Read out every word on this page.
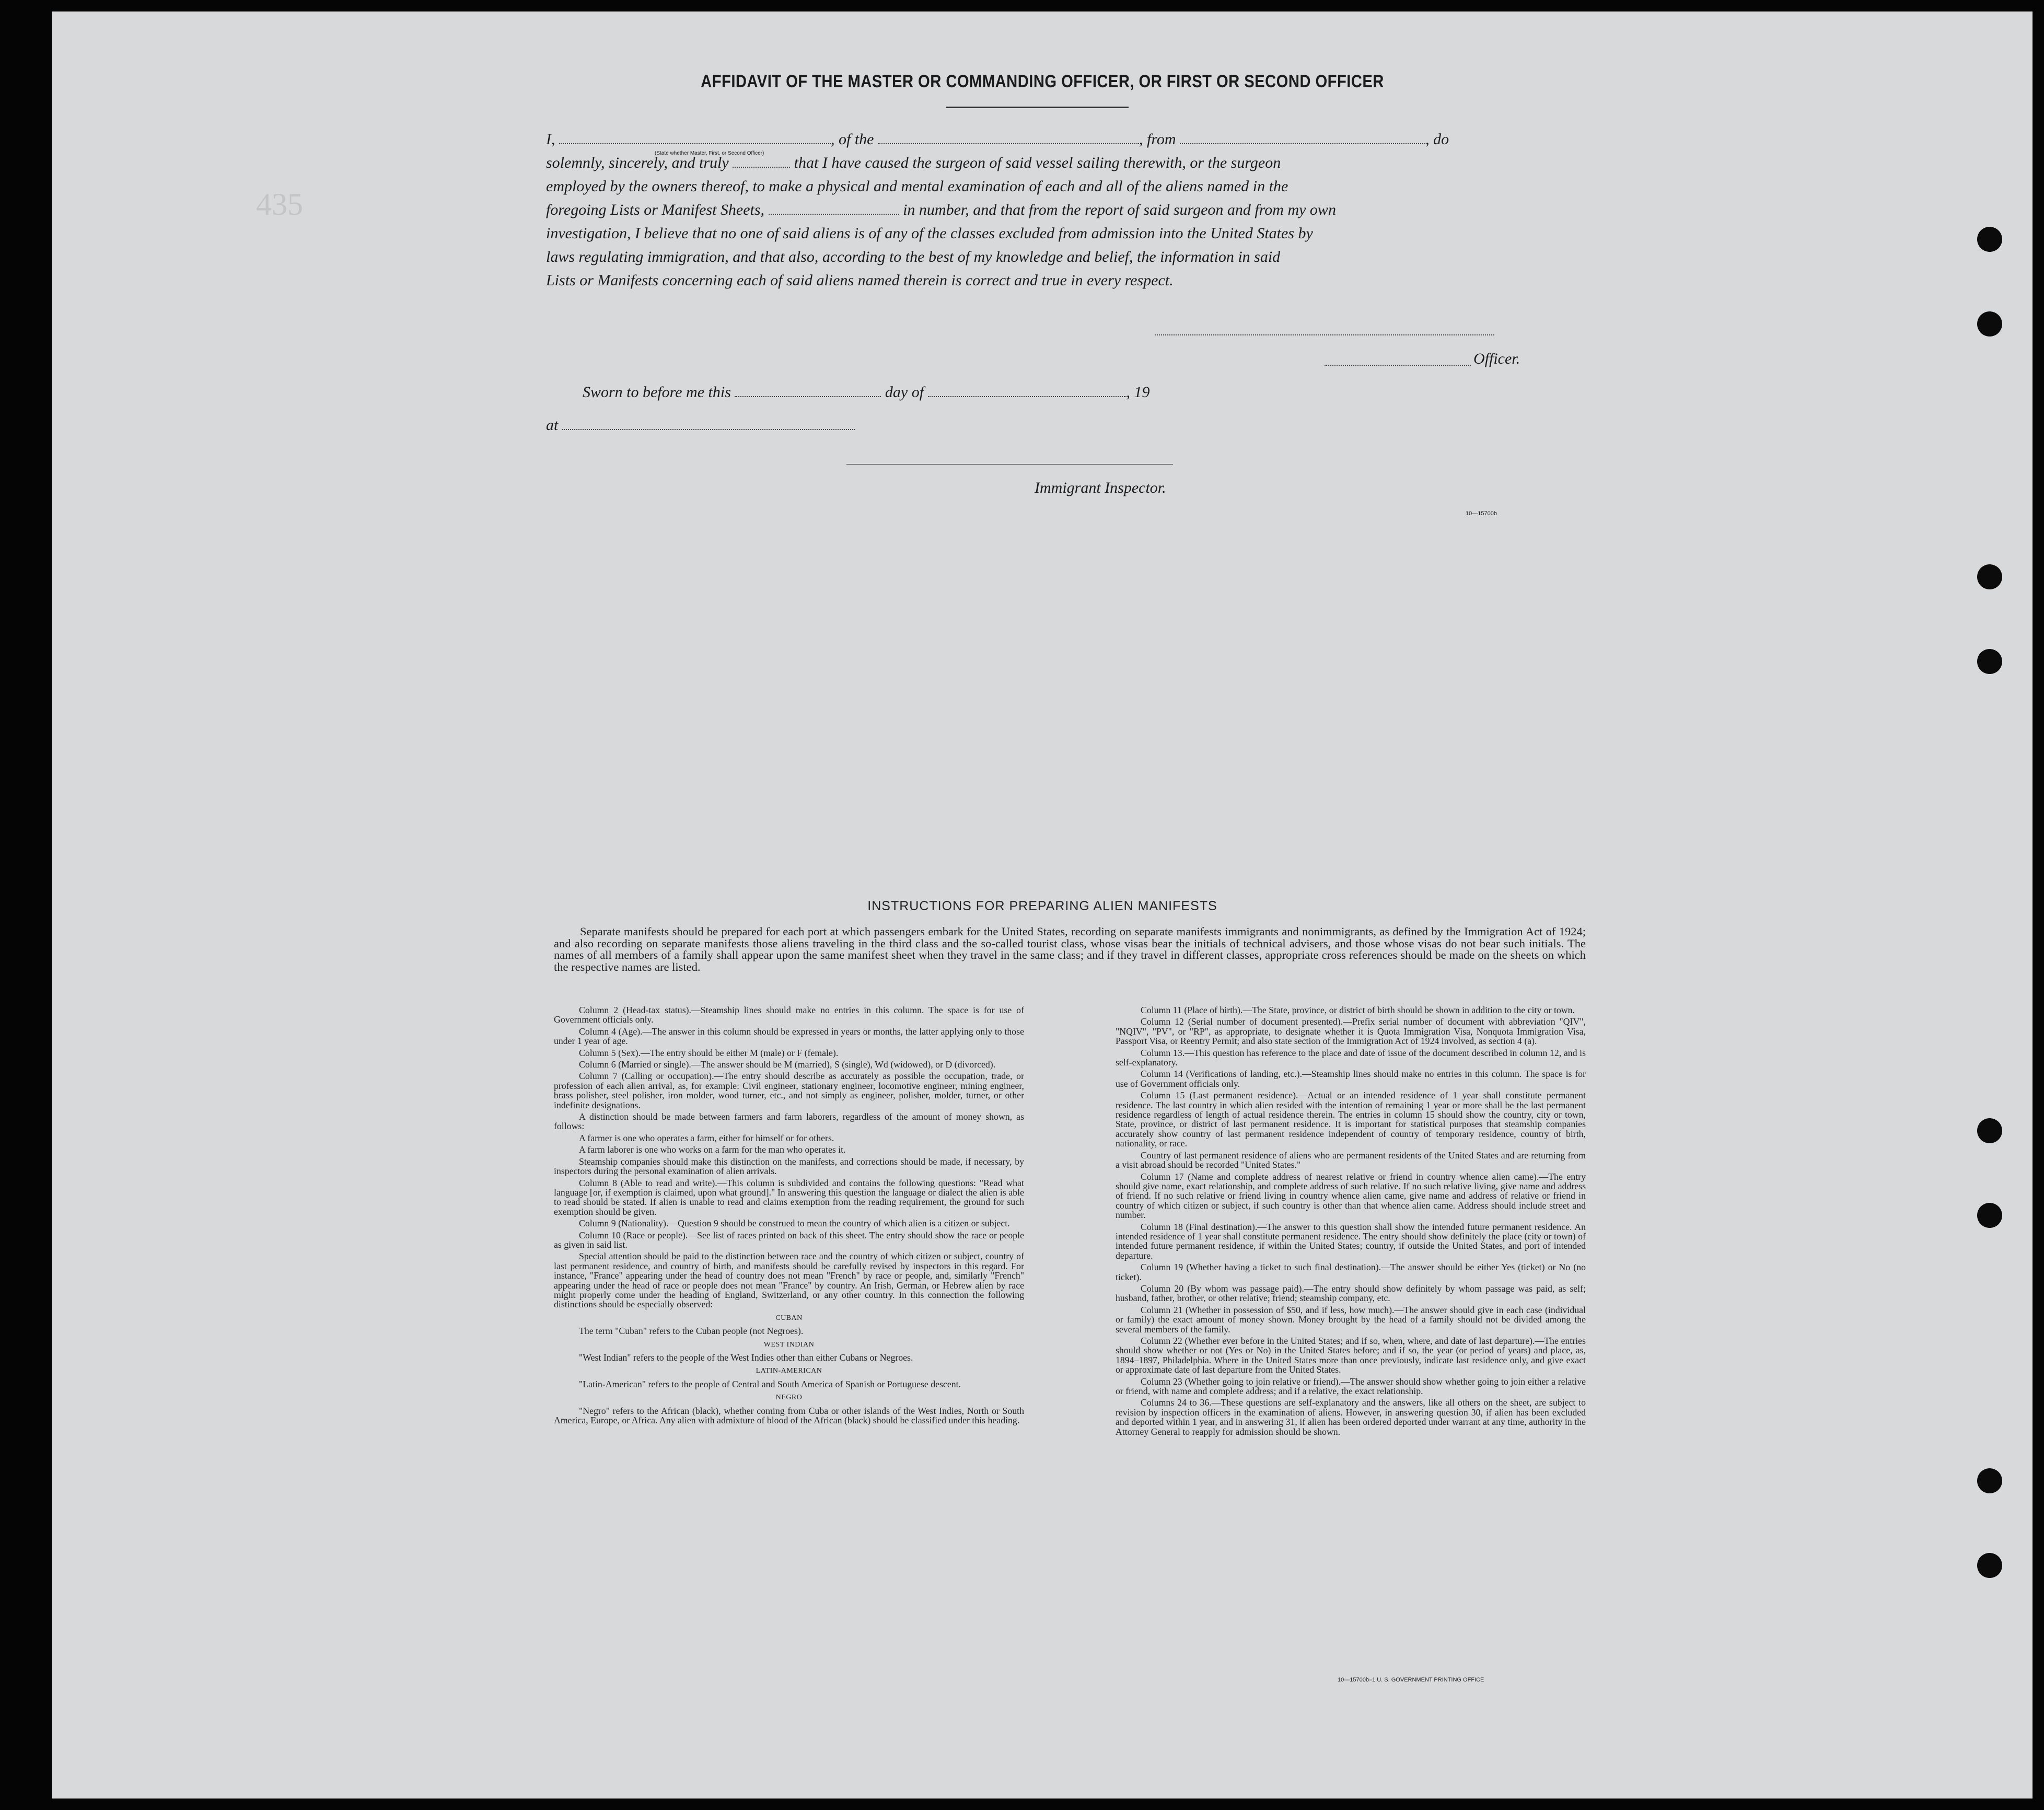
435
AFFIDAVIT OF THE MASTER OR COMMANDING OFFICER, OR FIRST OR SECOND OFFICER
I,	, of the	, from	, do
solemnly, sincerely, and truly	that I have caused the surgeon of said vessel sailing therewith, or the surgeon
employed by the owners thereof, to make a physical and mental examination of each and all of the aliens named in the
foregoing Lists or Manifest Sheets,	in number, and that from the report of said surgeon and from my own
investigation, I believe that no one of said aliens is of any of the classes excluded from admission into the United States by
laws regulating immigration, and that also, according to the best of my knowledge and belief, the information in said
Lists or Manifests concerning each of said aliens named therein is correct and true in every respect.
(State whether Master, First, or Second Officer)
Officer.
Sworn to before me this	day of	, 19
at
Immigrant Inspector.
10—15700b
INSTRUCTIONS FOR PREPARING ALIEN MANIFESTS
Separate manifests should be prepared for each port at which passengers embark for the United States, recording on separate manifests immigrants and nonimmigrants, as defined by the Immigration Act of 1924; and also recording on separate manifests those aliens traveling in the third class and the so-called tourist class, whose visas bear the initials of technical advisers, and those whose visas do not bear such initials. The names of all members of a family shall appear upon the same manifest sheet when they travel in the same class; and if they travel in different classes, appropriate cross references should be made on the sheets on which the respective names are listed.

Column 2 (Head-tax status).—Steamship lines should make no entries in this column. The space is for use of Government officials only.

Column 4 (Age).—The answer in this column should be expressed in years or months, the latter applying only to those under 1 year of age.

Column 5 (Sex).—The entry should be either M (male) or F (female).

Column 6 (Married or single).—The answer should be M (married), S (single), Wd (widowed), or D (divorced).

Column 7 (Calling or occupation).—The entry should describe as accurately as possible the occupation, trade, or profession of each alien arrival, as, for example: Civil engineer, stationary engineer, locomotive engineer, mining engineer, brass polisher, steel polisher, iron molder, wood turner, etc., and not simply as engineer, polisher, molder, turner, or other indefinite designations.

A distinction should be made between farmers and farm laborers, regardless of the amount of money shown, as follows:

A farmer is one who operates a farm, either for himself or for others.

A farm laborer is one who works on a farm for the man who operates it.

Steamship companies should make this distinction on the manifests, and corrections should be made, if necessary, by inspectors during the personal examination of alien arrivals.

Column 8 (Able to read and write).—This column is subdivided and contains the following questions: "Read what language [or, if exemption is claimed, upon what ground]." In answering this question the language or dialect the alien is able to read should be stated. If alien is unable to read and claims exemption from the reading requirement, the ground for such exemption should be given.

Column 9 (Nationality).—Question 9 should be construed to mean the country of which alien is a citizen or subject.

Column 10 (Race or people).—See list of races printed on back of this sheet. The entry should show the race or people as given in said list.

Special attention should be paid to the distinction between race and the country of which citizen or subject, country of last permanent residence, and country of birth, and manifests should be carefully revised by inspectors in this regard. For instance, "France" appearing under the head of country does not mean "French" by race or people, and, similarly "French" appearing under the head of race or people does not mean "France" by country. An Irish, German, or Hebrew alien by race might properly come under the heading of England, Switzerland, or any other country. In this connection the following distinctions should be especially observed:

CUBAN

The term "Cuban" refers to the Cuban people (not Negroes).

WEST INDIAN

"West Indian" refers to the people of the West Indies other than either Cubans or Negroes.

LATIN-AMERICAN

"Latin-American" refers to the people of Central and South America of Spanish or Portuguese descent.

NEGRO

"Negro" refers to the African (black), whether coming from Cuba or other islands of the West Indies, North or South America, Europe, or Africa. Any alien with admixture of blood of the African (black) should be classified under this heading.

Column 11 (Place of birth).—The State, province, or district of birth should be shown in addition to the city or town.

Column 12 (Serial number of document presented).—Prefix serial number of document with abbreviation "QIV", "NQIV", "PV", or "RP", as appropriate, to designate whether it is Quota Immigration Visa, Nonquota Immigration Visa, Passport Visa, or Reentry Permit; and also state section of the Immigration Act of 1924 involved, as section 4 (a).

Column 13.—This question has reference to the place and date of issue of the document described in column 12, and is self-explanatory.

Column 14 (Verifications of landing, etc.).—Steamship lines should make no entries in this column. The space is for use of Government officials only.

Column 15 (Last permanent residence).—Actual or an intended residence of 1 year shall constitute permanent residence. The last country in which alien resided with the intention of remaining 1 year or more shall be the last permanent residence regardless of length of actual residence therein. The entries in column 15 should show the country, city or town, State, province, or district of last permanent residence. It is important for statistical purposes that steamship companies accurately show country of last permanent residence independent of country of temporary residence, country of birth, nationality, or race.

Country of last permanent residence of aliens who are permanent residents of the United States and are returning from a visit abroad should be recorded "United States."

Column 17 (Name and complete address of nearest relative or friend in country whence alien came).—The entry should give name, exact relationship, and complete address of such relative. If no such relative living, give name and address of friend. If no such relative or friend living in country whence alien came, give name and address of relative or friend in country of which citizen or subject, if such country is other than that whence alien came. Address should include street and number.

Column 18 (Final destination).—The answer to this question shall show the intended future permanent residence. An intended residence of 1 year shall constitute permanent residence. The entry should show definitely the place (city or town) of intended future permanent residence, if within the United States; country, if outside the United States, and port of intended departure.

Column 19 (Whether having a ticket to such final destination).—The answer should be either Yes (ticket) or No (no ticket).

Column 20 (By whom was passage paid).—The entry should show definitely by whom passage was paid, as self; husband, father, brother, or other relative; friend; steamship company, etc.

Column 21 (Whether in possession of $50, and if less, how much).—The answer should give in each case (individual or family) the exact amount of money shown. Money brought by the head of a family should not be divided among the several members of the family.

Column 22 (Whether ever before in the United States; and if so, when, where, and date of last departure).—The entries should show whether or not (Yes or No) in the United States before; and if so, the year (or period of years) and place, as, 1894–1897, Philadelphia. Where in the United States more than once previously, indicate last residence only, and give exact or approximate date of last departure from the United States.

Column 23 (Whether going to join relative or friend).—The answer should show whether going to join either a relative or friend, with name and complete address; and if a relative, the exact relationship.

Columns 24 to 36.—These questions are self-explanatory and the answers, like all others on the sheet, are subject to revision by inspection officers in the examination of aliens. However, in answering question 30, if alien has been excluded and deported within 1 year, and in answering 31, if alien has been ordered deported under warrant at any time, authority in the Attorney General to reapply for admission should be shown.

10—15700b–1 U. S. GOVERNMENT PRINTING OFFICE
